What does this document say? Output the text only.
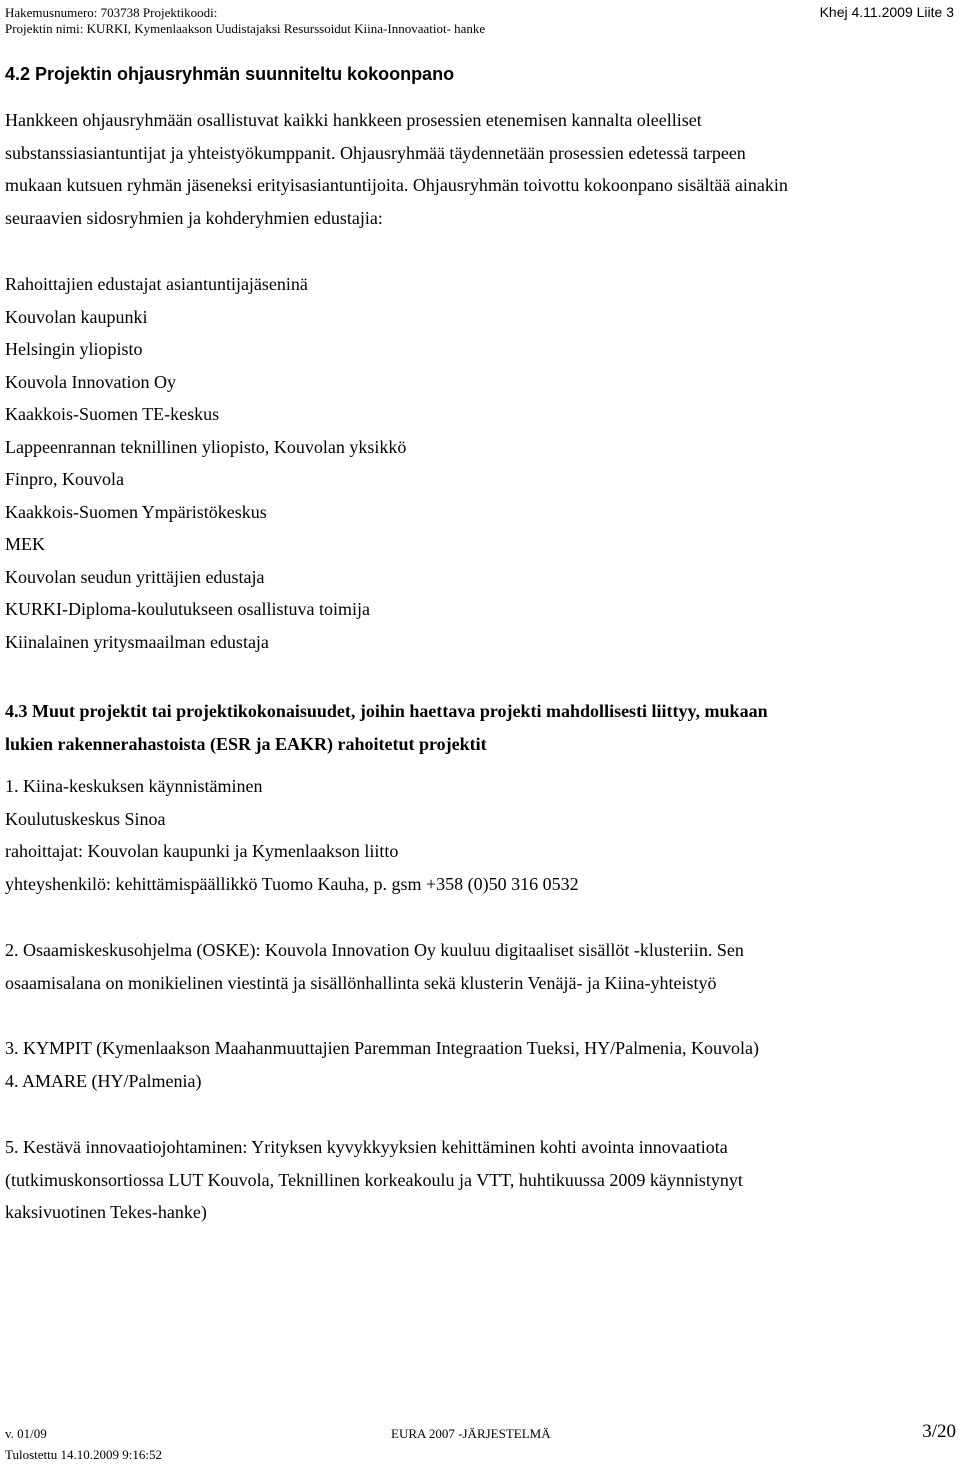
Hakemusnumero: 703738 Projektikoodi:
Projektin nimi: KURKI, Kymenlaakson Uudistajaksi Resurssoidut Kiina-Innovaatiot- hanke
Khej 4.11.2009 Liite 3
4.2 Projektin ohjausryhmän suunniteltu kokoonpano
Hankkeen ohjausryhmään osallistuvat kaikki hankkeen prosessien etenemisen kannalta oleelliset
substanssiasiantuntijat ja yhteistyökumppanit. Ohjausryhmää täydennetään prosessien edetessä tarpeen
mukaan kutsuen ryhmän jäseneksi erityisasiantuntijoita. Ohjausryhmän toivottu kokoonpano sisältää ainakin
seuraavien sidosryhmien ja kohderyhmien edustajia:
Rahoittajien edustajat asiantuntijajäseninä
Kouvolan kaupunki
Helsingin yliopisto
Kouvola Innovation Oy
Kaakkois-Suomen TE-keskus
Lappeenrannan teknillinen yliopisto, Kouvolan yksikkö
Finpro, Kouvola
Kaakkois-Suomen Ympäristökeskus
MEK
Kouvolan seudun yrittäjien edustaja
KURKI-Diploma-koulutukseen osallistuva toimija
Kiinalainen yritysmaailman edustaja
4.3 Muut projektit tai projektikokonaisuudet, joihin haettava projekti mahdollisesti liittyy, mukaan
lukien rakennerahastoista (ESR ja EAKR) rahoitetut projektit
1. Kiina-keskuksen käynnistäminen
Koulutuskeskus Sinoa
rahoittajat: Kouvolan kaupunki ja Kymenlaakson liitto
yhteyshenkilö: kehittämispäällikkö Tuomo Kauha, p. gsm +358 (0)50 316 0532
2. Osaamiskeskusohjelma (OSKE): Kouvola Innovation Oy kuuluu digitaaliset sisällöt -klusteriin. Sen
osaamisalana on monikielinen viestintä ja sisällönhallinta sekä klusterin Venäjä- ja Kiina-yhteistyö
3. KYMPIT (Kymenlaakson Maahanmuuttajien Paremman Integraation Tueksi, HY/Palmenia, Kouvola)
4. AMARE (HY/Palmenia)
5. Kestävä innovaatiojohtaminen: Yrityksen kyvykkyyksien kehittäminen kohti avointa innovaatiota
(tutkimuskonsortiossa LUT Kouvola, Teknillinen korkeakoulu ja VTT, huhtikuussa 2009 käynnistynyt
kaksivuotinen Tekes-hanke)
v. 01/09	EURA 2007 -JÄRJESTELMÄ	3/20
Tulostettu 14.10.2009 9:16:52
